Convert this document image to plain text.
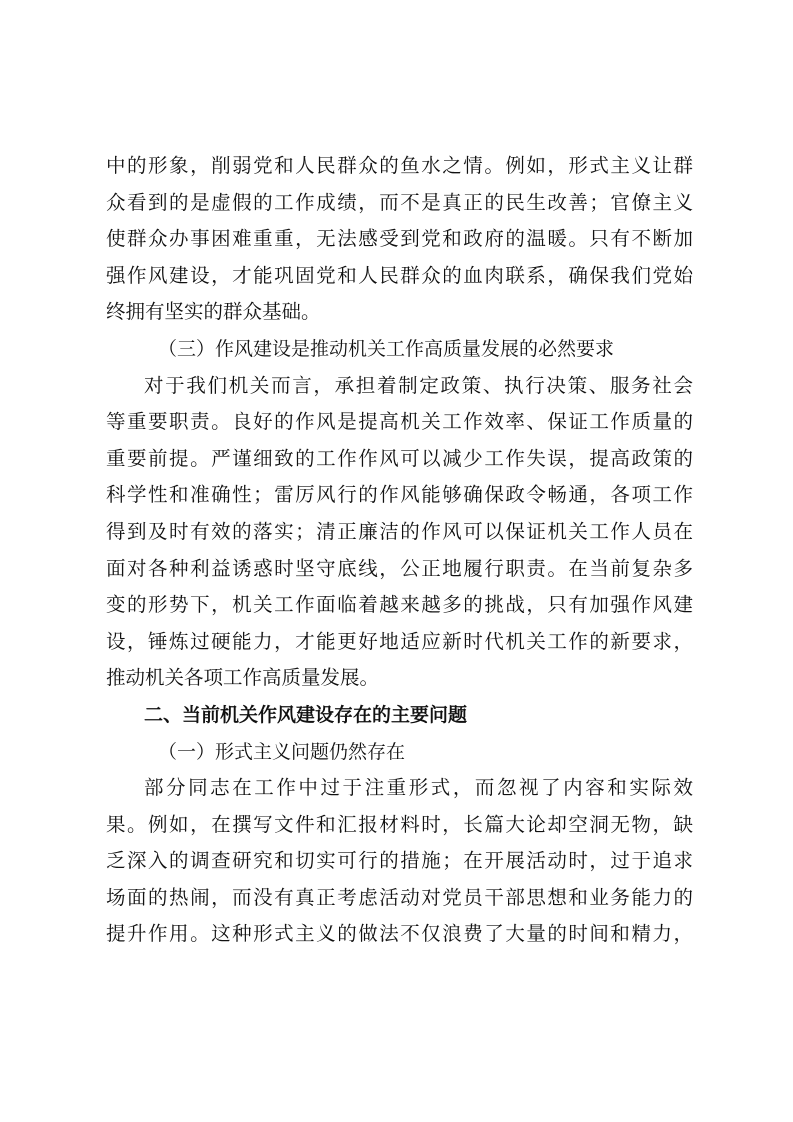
中的形象，削弱党和人民群众的鱼水之情。例如，形式主义让群
众看到的是虚假的工作成绩，而不是真正的民生改善；官僚主义
使群众办事困难重重，无法感受到党和政府的温暖。只有不断加
强作风建设，才能巩固党和人民群众的血肉联系，确保我们党始
终拥有坚实的群众基础。
（三）作风建设是推动机关工作高质量发展的必然要求
对于我们机关而言，承担着制定政策、执行决策、服务社会
等重要职责。良好的作风是提高机关工作效率、保证工作质量的
重要前提。严谨细致的工作作风可以减少工作失误，提高政策的
科学性和准确性；雷厉风行的作风能够确保政令畅通，各项工作
得到及时有效的落实；清正廉洁的作风可以保证机关工作人员在
面对各种利益诱惑时坚守底线，公正地履行职责。在当前复杂多
变的形势下，机关工作面临着越来越多的挑战，只有加强作风建
设，锤炼过硬能力，才能更好地适应新时代机关工作的新要求，
推动机关各项工作高质量发展。
二、当前机关作风建设存在的主要问题
（一）形式主义问题仍然存在
部分同志在工作中过于注重形式，而忽视了内容和实际效
果。例如，在撰写文件和汇报材料时，长篇大论却空洞无物，缺
乏深入的调查研究和切实可行的措施；在开展活动时，过于追求
场面的热闹，而没有真正考虑活动对党员干部思想和业务能力的
提升作用。这种形式主义的做法不仅浪费了大量的时间和精力，
